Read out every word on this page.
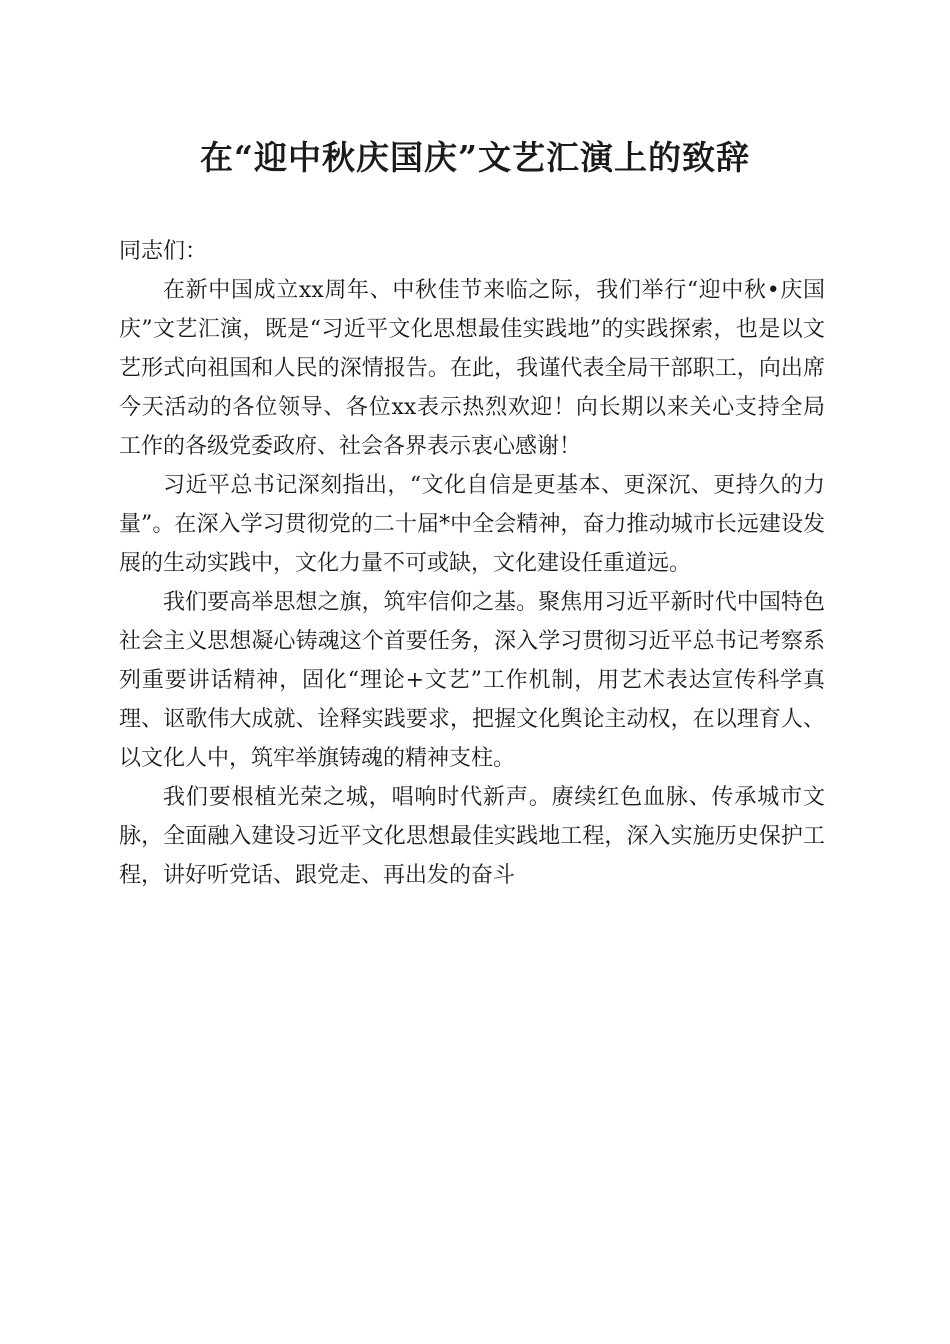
在“迎中秋庆国庆”文艺汇演上的致辞

同志们：

在新中国成立xx周年、中秋佳节来临之际，我们举行“迎中秋•庆国庆”文艺汇演，既是“习近平文化思想最佳实践地”的实践探索，也是以文艺形式向祖国和人民的深情报告。在此，我谨代表全局干部职工，向出席今天活动的各位领导、各位xx表示热烈欢迎！向长期以来关心支持全局工作的各级党委政府、社会各界表示衷心感谢！

习近平总书记深刻指出，“文化自信是更基本、更深沉、更持久的力量”。在深入学习贯彻党的二十届*中全会精神，奋力推动城市长远建设发展的生动实践中，文化力量不可或缺，文化建设任重道远。

我们要高举思想之旗，筑牢信仰之基。聚焦用习近平新时代中国特色社会主义思想凝心铸魂这个首要任务，深入学习贯彻习近平总书记考察系列重要讲话精神，固化“理论+文艺”工作机制，用艺术表达宣传科学真理、讴歌伟大成就、诠释实践要求，把握文化舆论主动权，在以理育人、以文化人中，筑牢举旗铸魂的精神支柱。

我们要根植光荣之城，唱响时代新声。赓续红色血脉、传承城市文脉，全面融入建设习近平文化思想最佳实践地工程，深入实施历史保护工程，讲好听党话、跟党走、再出发的奋斗
